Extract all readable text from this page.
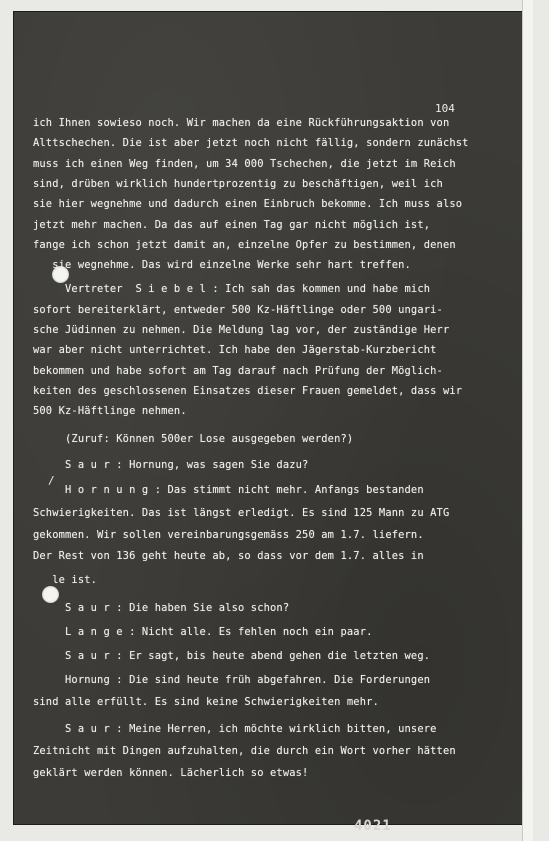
104
/
ich Ihnen sowieso noch. Wir machen da eine Rückführungsaktion von
Alttschechen. Die ist aber jetzt noch nicht fällig, sondern zunächst
muss ich einen Weg finden, um 34 000 Tschechen, die jetzt im Reich
sind, drüben wirklich hundertprozentig zu beschäftigen, weil ich
sie hier wegnehme und dadurch einen Einbruch bekomme. Ich muss also
jetzt mehr machen. Da das auf einen Tag gar nicht möglich ist,
fange ich schon jetzt damit an, einzelne Opfer zu bestimmen, denen
sie wegnehme. Das wird einzelne Werke sehr hart treffen.
Vertreter  S i e b e l : Ich sah das kommen und habe mich
sofort bereiterklärt, entweder 500 Kz-Häftlinge oder 500 ungari-
sche Jüdinnen zu nehmen. Die Meldung lag vor, der zuständige Herr
war aber nicht unterrichtet. Ich habe den Jägerstab-Kurzbericht
bekommen und habe sofort am Tag darauf nach Prüfung der Möglich-
keiten des geschlossenen Einsatzes dieser Frauen gemeldet, dass wir
500 Kz-Häftlinge nehmen.
(Zuruf: Können 500er Lose ausgegeben werden?)
S a u r : Hornung, was sagen Sie dazu?
H o r n u n g : Das stimmt nicht mehr. Anfangs bestanden
Schwierigkeiten. Das ist längst erledigt. Es sind 125 Mann zu ATG
gekommen. Wir sollen vereinbarungsgemäss 250 am 1.7. liefern.
Der Rest von 136 geht heute ab, so dass vor dem 1.7. alles in
le ist.
S a u r : Die haben Sie also schon?
L a n g e : Nicht alle. Es fehlen noch ein paar.
S a u r : Er sagt, bis heute abend gehen die letzten weg.
Hornung : Die sind heute früh abgefahren. Die Forderungen
sind alle erfüllt. Es sind keine Schwierigkeiten mehr.
S a u r : Meine Herren, ich möchte wirklich bitten, unsere
Zeitnicht mit Dingen aufzuhalten, die durch ein Wort vorher hätten
geklärt werden können. Lächerlich so etwas!
4021
